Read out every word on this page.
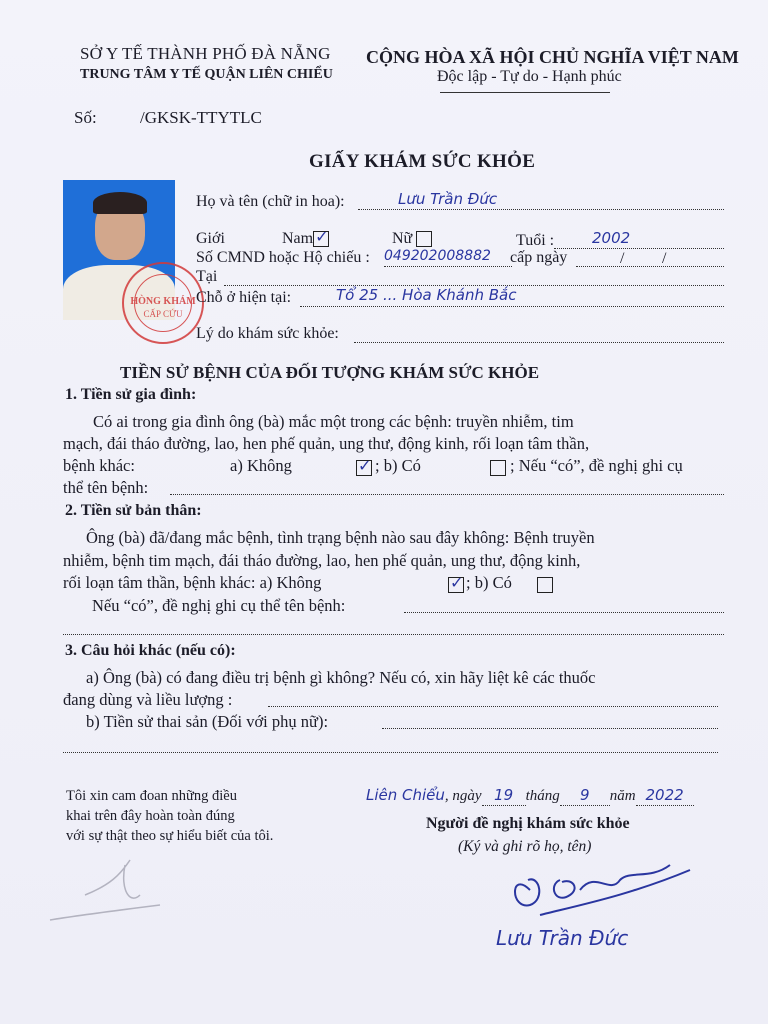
SỞ Y TẾ THÀNH PHỐ ĐÀ NẴNG
TRUNG TÂM Y TẾ QUẬN LIÊN CHIỂU
CỘNG HÒA XÃ HỘI CHỦ NGHĨA VIỆT NAM
Độc lập - Tự do - Hạnh phúc
Số:	/GKSK-TTYTLC
GIẤY KHÁM SỨC KHỎE
HÒNG KHÁM
CẤP CỨU
Họ và tên (chữ in hoa):	Lưu Trần Đức
Giới	Nam ✓	Nữ	Tuổi :	2002
Số CMND hoặc Hộ chiếu : 049202008882 cấp ngày	/ /
Tại
Chỗ ở hiện tại:	Tổ 25 ... Hòa Khánh Bắc
Lý do khám sức khỏe:
TIỀN SỬ BỆNH CỦA ĐỐI TƯỢNG KHÁM SỨC KHỎE
1. Tiền sử gia đình:
Có ai trong gia đình ông (bà) mắc một trong các bệnh: truyền nhiễm, tim
mạch, đái tháo đường, lao, hen phế quản, ung thư, động kinh, rối loạn tâm thần,
bệnh khác:	a) Không	✓ ; b) Có	; Nếu “có”, đề nghị ghi cụ
thể tên bệnh:
2. Tiền sử bản thân:
Ông (bà) đã/đang mắc bệnh, tình trạng bệnh nào sau đây không: Bệnh truyền
nhiễm, bệnh tim mạch, đái tháo đường, lao, hen phế quản, ung thư, động kinh,
rối loạn tâm thần, bệnh khác: a) Không	✓ ; b) Có
Nếu “có”, đề nghị ghi cụ thể tên bệnh:
3. Câu hỏi khác (nếu có):
a) Ông (bà) có đang điều trị bệnh gì không? Nếu có, xin hãy liệt kê các thuốc
đang dùng và liều lượng :
b) Tiền sử thai sản (Đối với phụ nữ):
Tôi xin cam đoan những điều
khai trên đây hoàn toàn đúng
với sự thật theo sự hiểu biết của tôi.
Liên Chiểu, ngày 19 tháng 9 năm 2022
Người đề nghị khám sức khỏe
(Ký và ghi rõ họ, tên)
Lưu Trần Đức
